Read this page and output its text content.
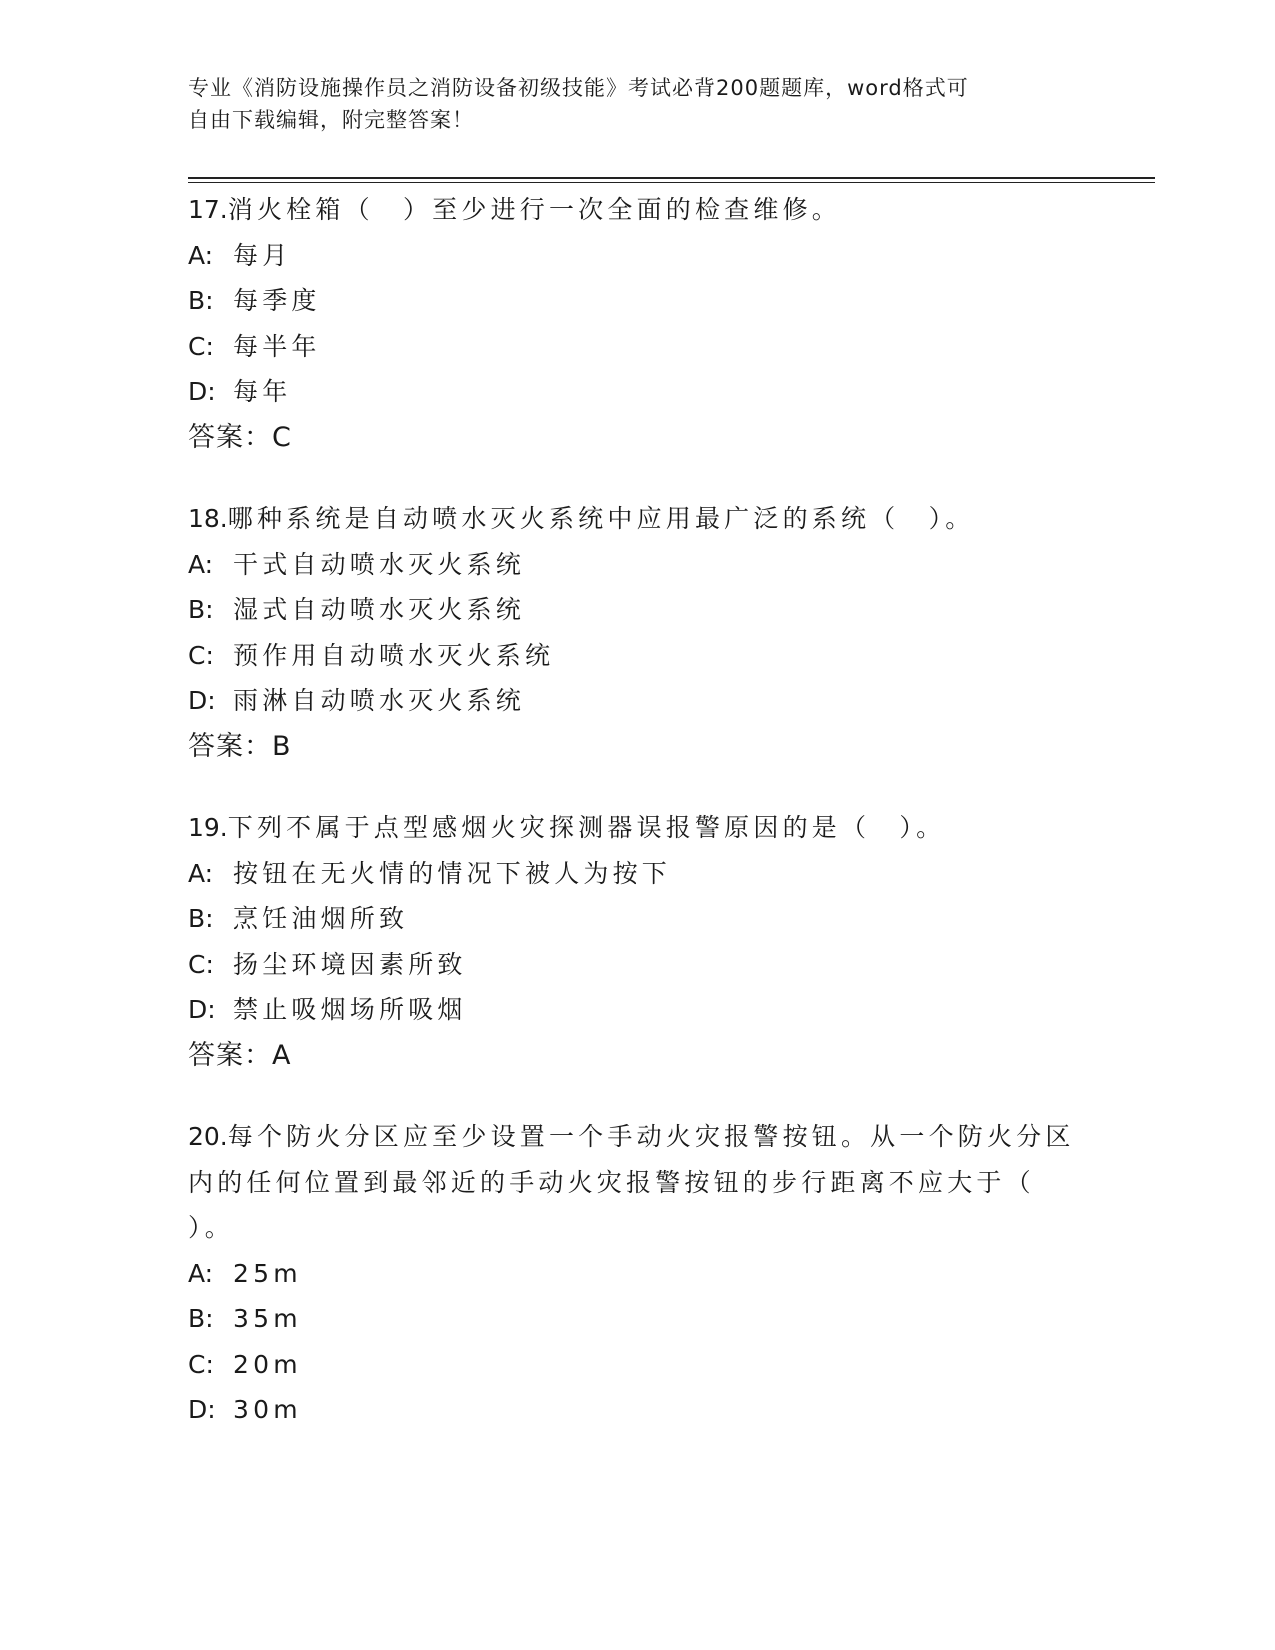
专业《消防设施操作员之消防设备初级技能》考试必背200题题库，word格式可
自由下载编辑，附完整答案！

17.消火栓箱（　）至少进行一次全面的检查维修。

A: 每月

B: 每季度

C: 每半年

D: 每年

答案：C

18.哪种系统是自动喷水灭火系统中应用最广泛的系统（　）。

A: 干式自动喷水灭火系统

B: 湿式自动喷水灭火系统

C: 预作用自动喷水灭火系统

D: 雨淋自动喷水灭火系统

答案：B

19.下列不属于点型感烟火灾探测器误报警原因的是（　）。

A: 按钮在无火情的情况下被人为按下

B: 烹饪油烟所致

C: 扬尘环境因素所致

D: 禁止吸烟场所吸烟

答案：A

20.每个防火分区应至少设置一个手动火灾报警按钮。从一个防火分区

内的任何位置到最邻近的手动火灾报警按钮的步行距离不应大于（

）。

A: 25m

B: 35m

C: 20m

D: 30m
